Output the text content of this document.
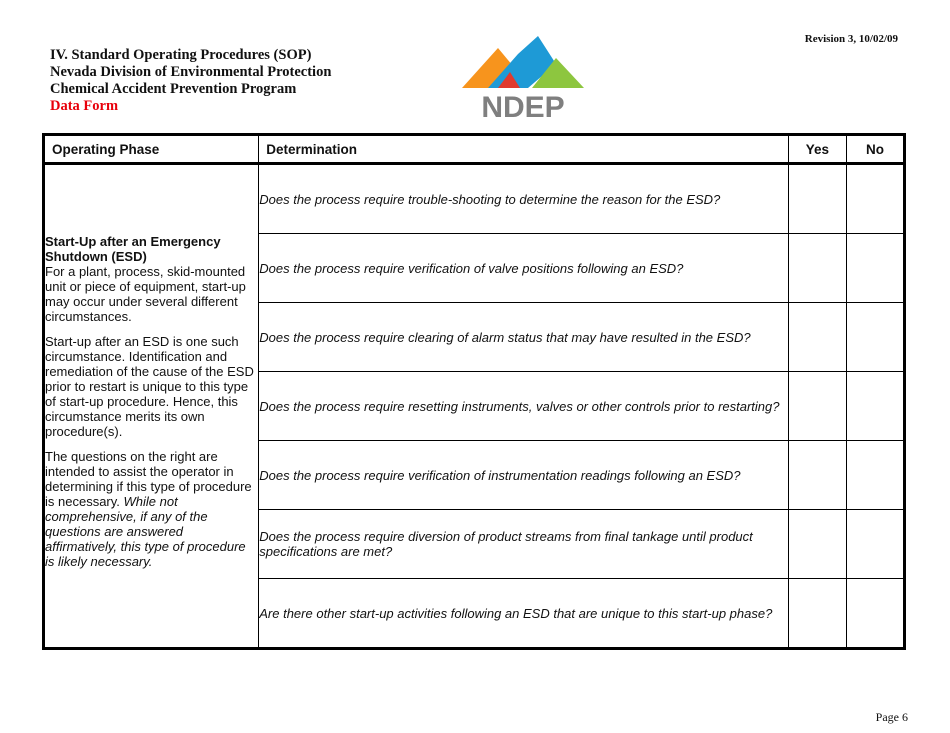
Revision 3, 10/02/09
IV. Standard Operating Procedures (SOP)
Nevada Division of Environmental Protection
Chemical Accident Prevention Program
Data Form	NDEP
Operating Phase	Determination	Yes	No

Start-Up after an Emergency Shutdown (ESD)
For a plant, process, skid-mounted unit or piece of equipment, start-up may occur under several different circumstances.

Start-up after an ESD is one such circumstance. Identification and remediation of the cause of the ESD prior to restart is unique to this type of start-up procedure. Hence, this circumstance merits its own procedure(s).

The questions on the right are intended to assist the operator in determining if this type of procedure is necessary. While not comprehensive, if any of the questions are answered affirmatively, this type of procedure is likely necessary.	Does the process require trouble-shooting to determine the reason for the ESD?		
	Does the process require verification of valve positions following an ESD?		
	Does the process require clearing of alarm status that may have resulted in the ESD?		
	Does the process require resetting instruments, valves or other controls prior to restarting?		
	Does the process require verification of instrumentation readings following an ESD?		
	Does the process require diversion of product streams from final tankage until product specifications are met?		
	Are there other start-up activities following an ESD that are unique to this start-up phase?		
Page 6
